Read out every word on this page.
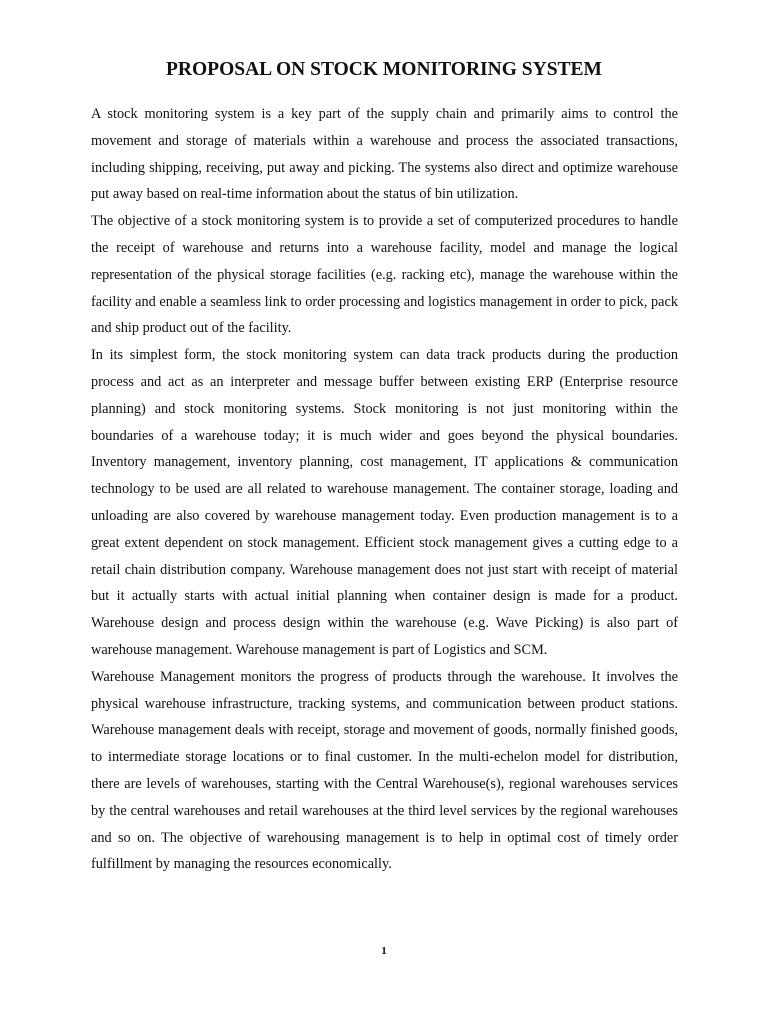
PROPOSAL ON STOCK MONITORING SYSTEM

A stock monitoring system is a key part of the supply chain and primarily aims to control the movement and storage of materials within a warehouse and process the associated transactions, including shipping, receiving, put away and picking. The systems also direct and optimize warehouse put away based on real-time information about the status of bin utilization.

The objective of a stock monitoring system is to provide a set of computerized procedures to handle the receipt of warehouse and returns into a warehouse facility, model and manage the logical representation of the physical storage facilities (e.g. racking etc), manage the warehouse within the facility and enable a seamless link to order processing and logistics management in order to pick, pack and ship product out of the facility.

In its simplest form, the stock monitoring system can data track products during the production process and act as an interpreter and message buffer between existing ERP (Enterprise resource planning) and stock monitoring systems. Stock monitoring is not just monitoring within the boundaries of a warehouse today; it is much wider and goes beyond the physical boundaries. Inventory management, inventory planning, cost management, IT applications & communication technology to be used are all related to warehouse management. The container storage, loading and unloading are also covered by warehouse management today. Even production management is to a great extent dependent on stock management. Efficient stock management gives a cutting edge to a retail chain distribution company. Warehouse management does not just start with receipt of material but it actually starts with actual initial planning when container design is made for a product. Warehouse design and process design within the warehouse (e.g. Wave Picking) is also part of warehouse management. Warehouse management is part of Logistics and SCM.

Warehouse Management monitors the progress of products through the warehouse. It involves the physical warehouse infrastructure, tracking systems, and communication between product stations. Warehouse management deals with receipt, storage and movement of goods, normally finished goods, to intermediate storage locations or to final customer. In the multi-echelon model for distribution, there are levels of warehouses, starting with the Central Warehouse(s), regional warehouses services by the central warehouses and retail warehouses at the third level services by the regional warehouses and so on. The objective of warehousing management is to help in optimal cost of timely order fulfillment by managing the resources economically.

1
